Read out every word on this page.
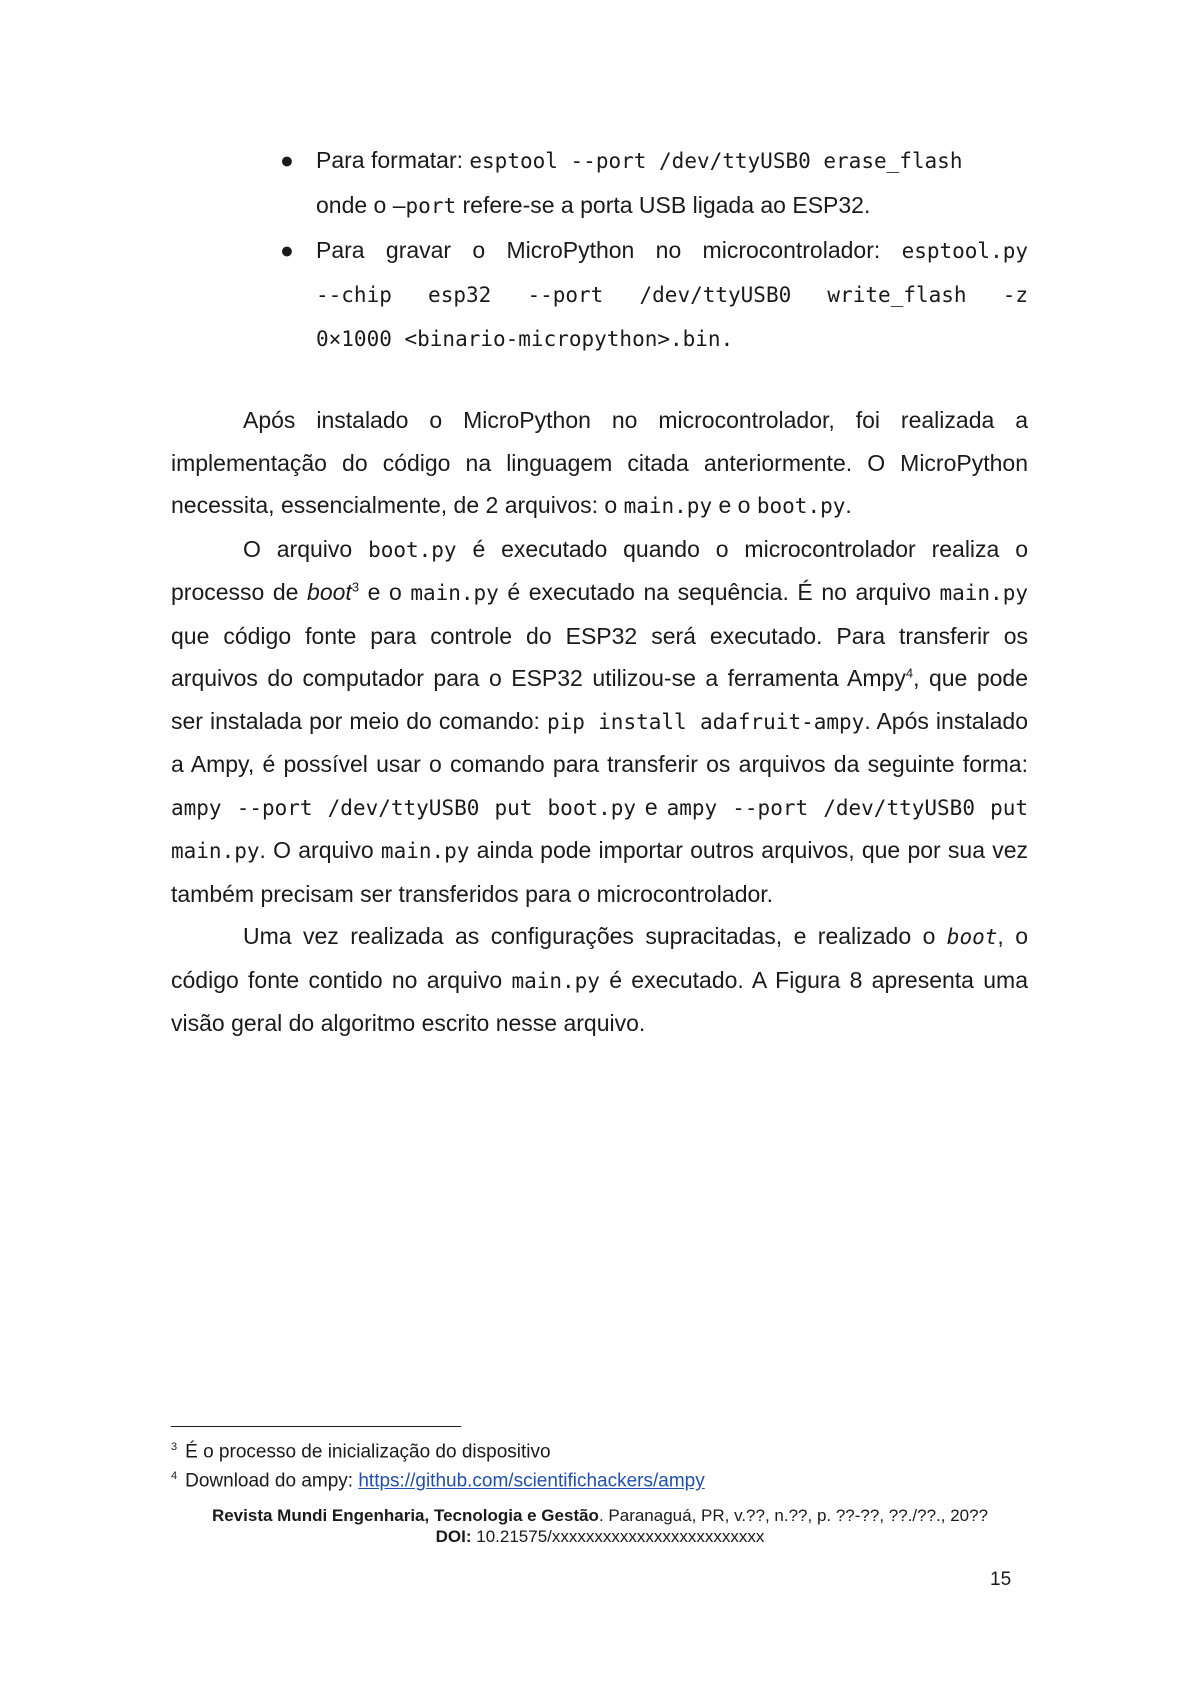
● Para formatar: esptool --port /dev/ttyUSB0 erase_flash
onde o –port refere-se a porta USB ligada ao ESP32.
● Para gravar o MicroPython no microcontrolador: esptool.py
--chip esp32 --port /dev/ttyUSB0 write_flash -z
0×1000 <binario-micropython>.bin.

Após instalado o MicroPython no microcontrolador, foi realizada a implementação do código na linguagem citada anteriormente. O MicroPython necessita, essencialmente, de 2 arquivos: o main.py e o boot.py.

O arquivo boot.py é executado quando o microcontrolador realiza o processo de boot$^3$ e o main.py é executado na sequência. É no arquivo main.py que código fonte para controle do ESP32 será executado. Para transferir os arquivos do computador para o ESP32 utilizou-se a ferramenta Ampy$^4$, que pode ser instalada por meio do comando: pip install adafruit-ampy. Após instalado a Ampy, é possível usar o comando para transferir os arquivos da seguinte forma: ampy --port /dev/ttyUSB0 put boot.py e ampy --port /dev/ttyUSB0 put main.py. O arquivo main.py ainda pode importar outros arquivos, que por sua vez também precisam ser transferidos para o microcontrolador.

Uma vez realizada as configurações supracitadas, e realizado o boot, o código fonte contido no arquivo main.py é executado. A Figura 8 apresenta uma visão geral do algoritmo escrito nesse arquivo.

$^3$ É o processo de inicialização do dispositivo
$^4$ Download do ampy: https://github.com/scientifichackers/ampy
Revista Mundi Engenharia, Tecnologia e Gestão. Paranaguá, PR, v.??, n.??, p. ??-??, ??./??., 20??
DOI: 10.21575/xxxxxxxxxxxxxxxxxxxxxxxxx
15
